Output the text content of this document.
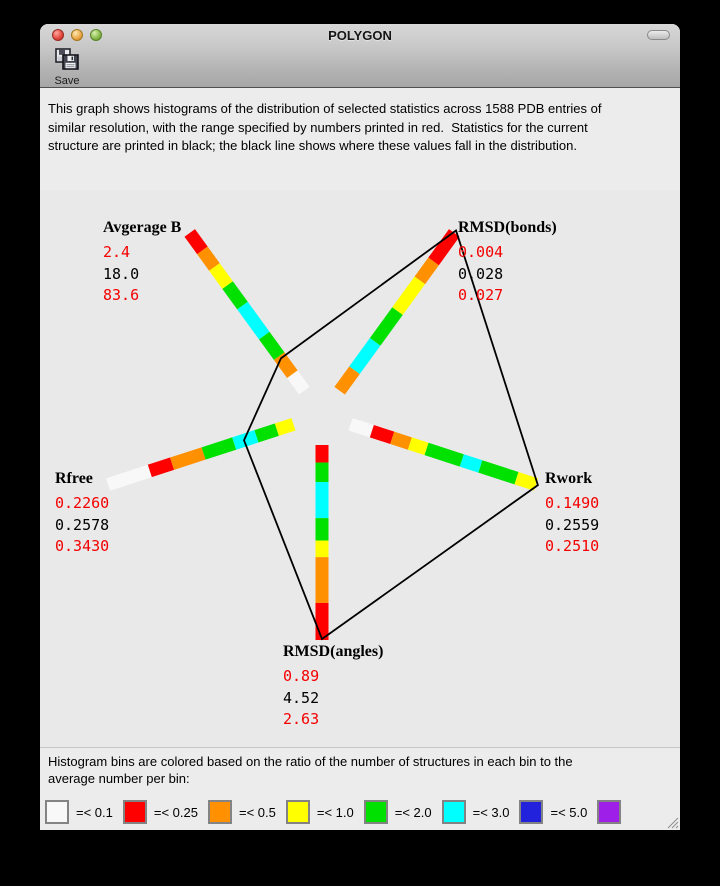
POLYGON
Save
This graph shows histograms of the distribution of selected statistics across 1588 PDB entries of
similar resolution, with the range specified by numbers printed in red.  Statistics for the current
structure are printed in black; the black line shows where these values fall in the distribution.
Avgerage B
2.4
18.0
83.6
RMSD(bonds)
0.004
0.028
0.027
Rwork
0.1490
0.2559
0.2510
RMSD(angles)
0.89
4.52
2.63
Rfree
0.2260
0.2578
0.3430
Histogram bins are colored based on the ratio of the number of structures in each bin to the
average number per bin:
=< 0.1	=< 0.25	=< 0.5	=< 1.0	=< 2.0	=< 3.0	=< 5.0
